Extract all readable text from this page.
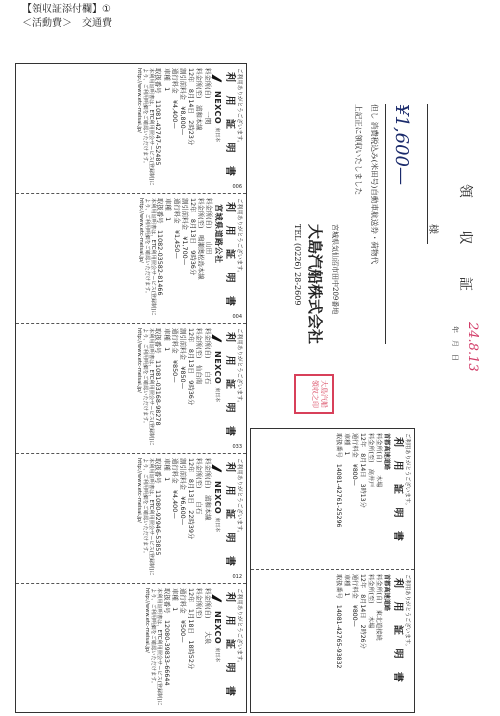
【領収証添付欄】①
＜活動費＞　交通費
ご利用ありがとうございます。
利 用 証 明 書
NEXCO
東日本
料金所(自)　　一関
料金所(至)　浦和本線
12年　8月14日　2時23分
割引前料金　¥8,800—
通行料金　¥4,400—
車種　1
取扱番号　11081-42747-52485
本利用証明書は、ETC利用照会サービス(登録制)により、ご利用明細をご確認いただけます。http://www.etc-meisai.jp/
006
ご利用ありがとうございます。
利 用 証 明 書
宮城県道路公社
料金所(自)　　山田
料金所(至)　鳴瀬奥松島本線
12年　8月13日　9時36分
割引前料金　¥1,700—
通行料金　¥1,450—
車種　1
取扱番号　11082-03582-81466
本利用証明書は、ETC利用照会サービス(登録制)により、ご利用明細をご確認いただけます。http://www.etc-meisai.jp/
004
ご利用ありがとうございます。
利 用 証 明 書
NEXCO
東日本
料金所(自)　　白石
料金所(至)　仙台南
12年　8月13日　9時36分
割引前料金　¥850—
通行料金　¥850—
車種　1
取扱番号　11081-03168-98278
本利用証明書は、ETC利用照会サービス(登録制)により、ご利用明細をご確認いただけます。http://www.etc-meisai.jp/
033
ご利用ありがとうございます。
利 用 証 明 書
NEXCO
東日本
料金所(自)　浦和本線
料金所(至)　　白石
12年　8月13日　22時39分
割引前料金　¥6,600—
通行料金　¥4,400—
車種　1
取扱番号　11080-92946-53855
本利用証明書は、ETC利用照会サービス(登録制)により、ご利用明細をご確認いただけます。http://www.etc-meisai.jp/
012
ご利用ありがとうございます。
利 用 証 明 書
NEXCO
東日本
料金所(自)　　大泉
料金所(至)
12年　1月18日　18時52分
通行料金　¥500—
車種　1
取扱番号　12080-39833-66644
本利用証明書は、ETC利用照会サービス(登録制)により、ご利用明細をご確認いただけます。http://www.etc-meisai.jp/
ご利用ありがとうございます。
利 用 証 明 書
首都高速道路
料金所(自)　　木場
料金所(至)　高井戸
12年　8月14日　3時13分
通行料金　¥800—
車種　1
取扱番号　14081-42761-25296
ご利用ありがとうございます。
利 用 証 明 書
首都高速道路
料金所(自)　東北道接続
料金所(至)　　木場
12年　8月14日　2時26分
通行料金　¥800—
車種　1
取扱番号　14081-42765-93832
領 収 証
24.8.13
年　月　日
様
¥1,600—
但し 消費税込み(米田号)自動車航送券・荷物代
上記正に領収いたしました
宮城県気仙沼市田中209番地
大島汽船株式会社
TEL (0226) 28-2609
大島汽船 領収之印
